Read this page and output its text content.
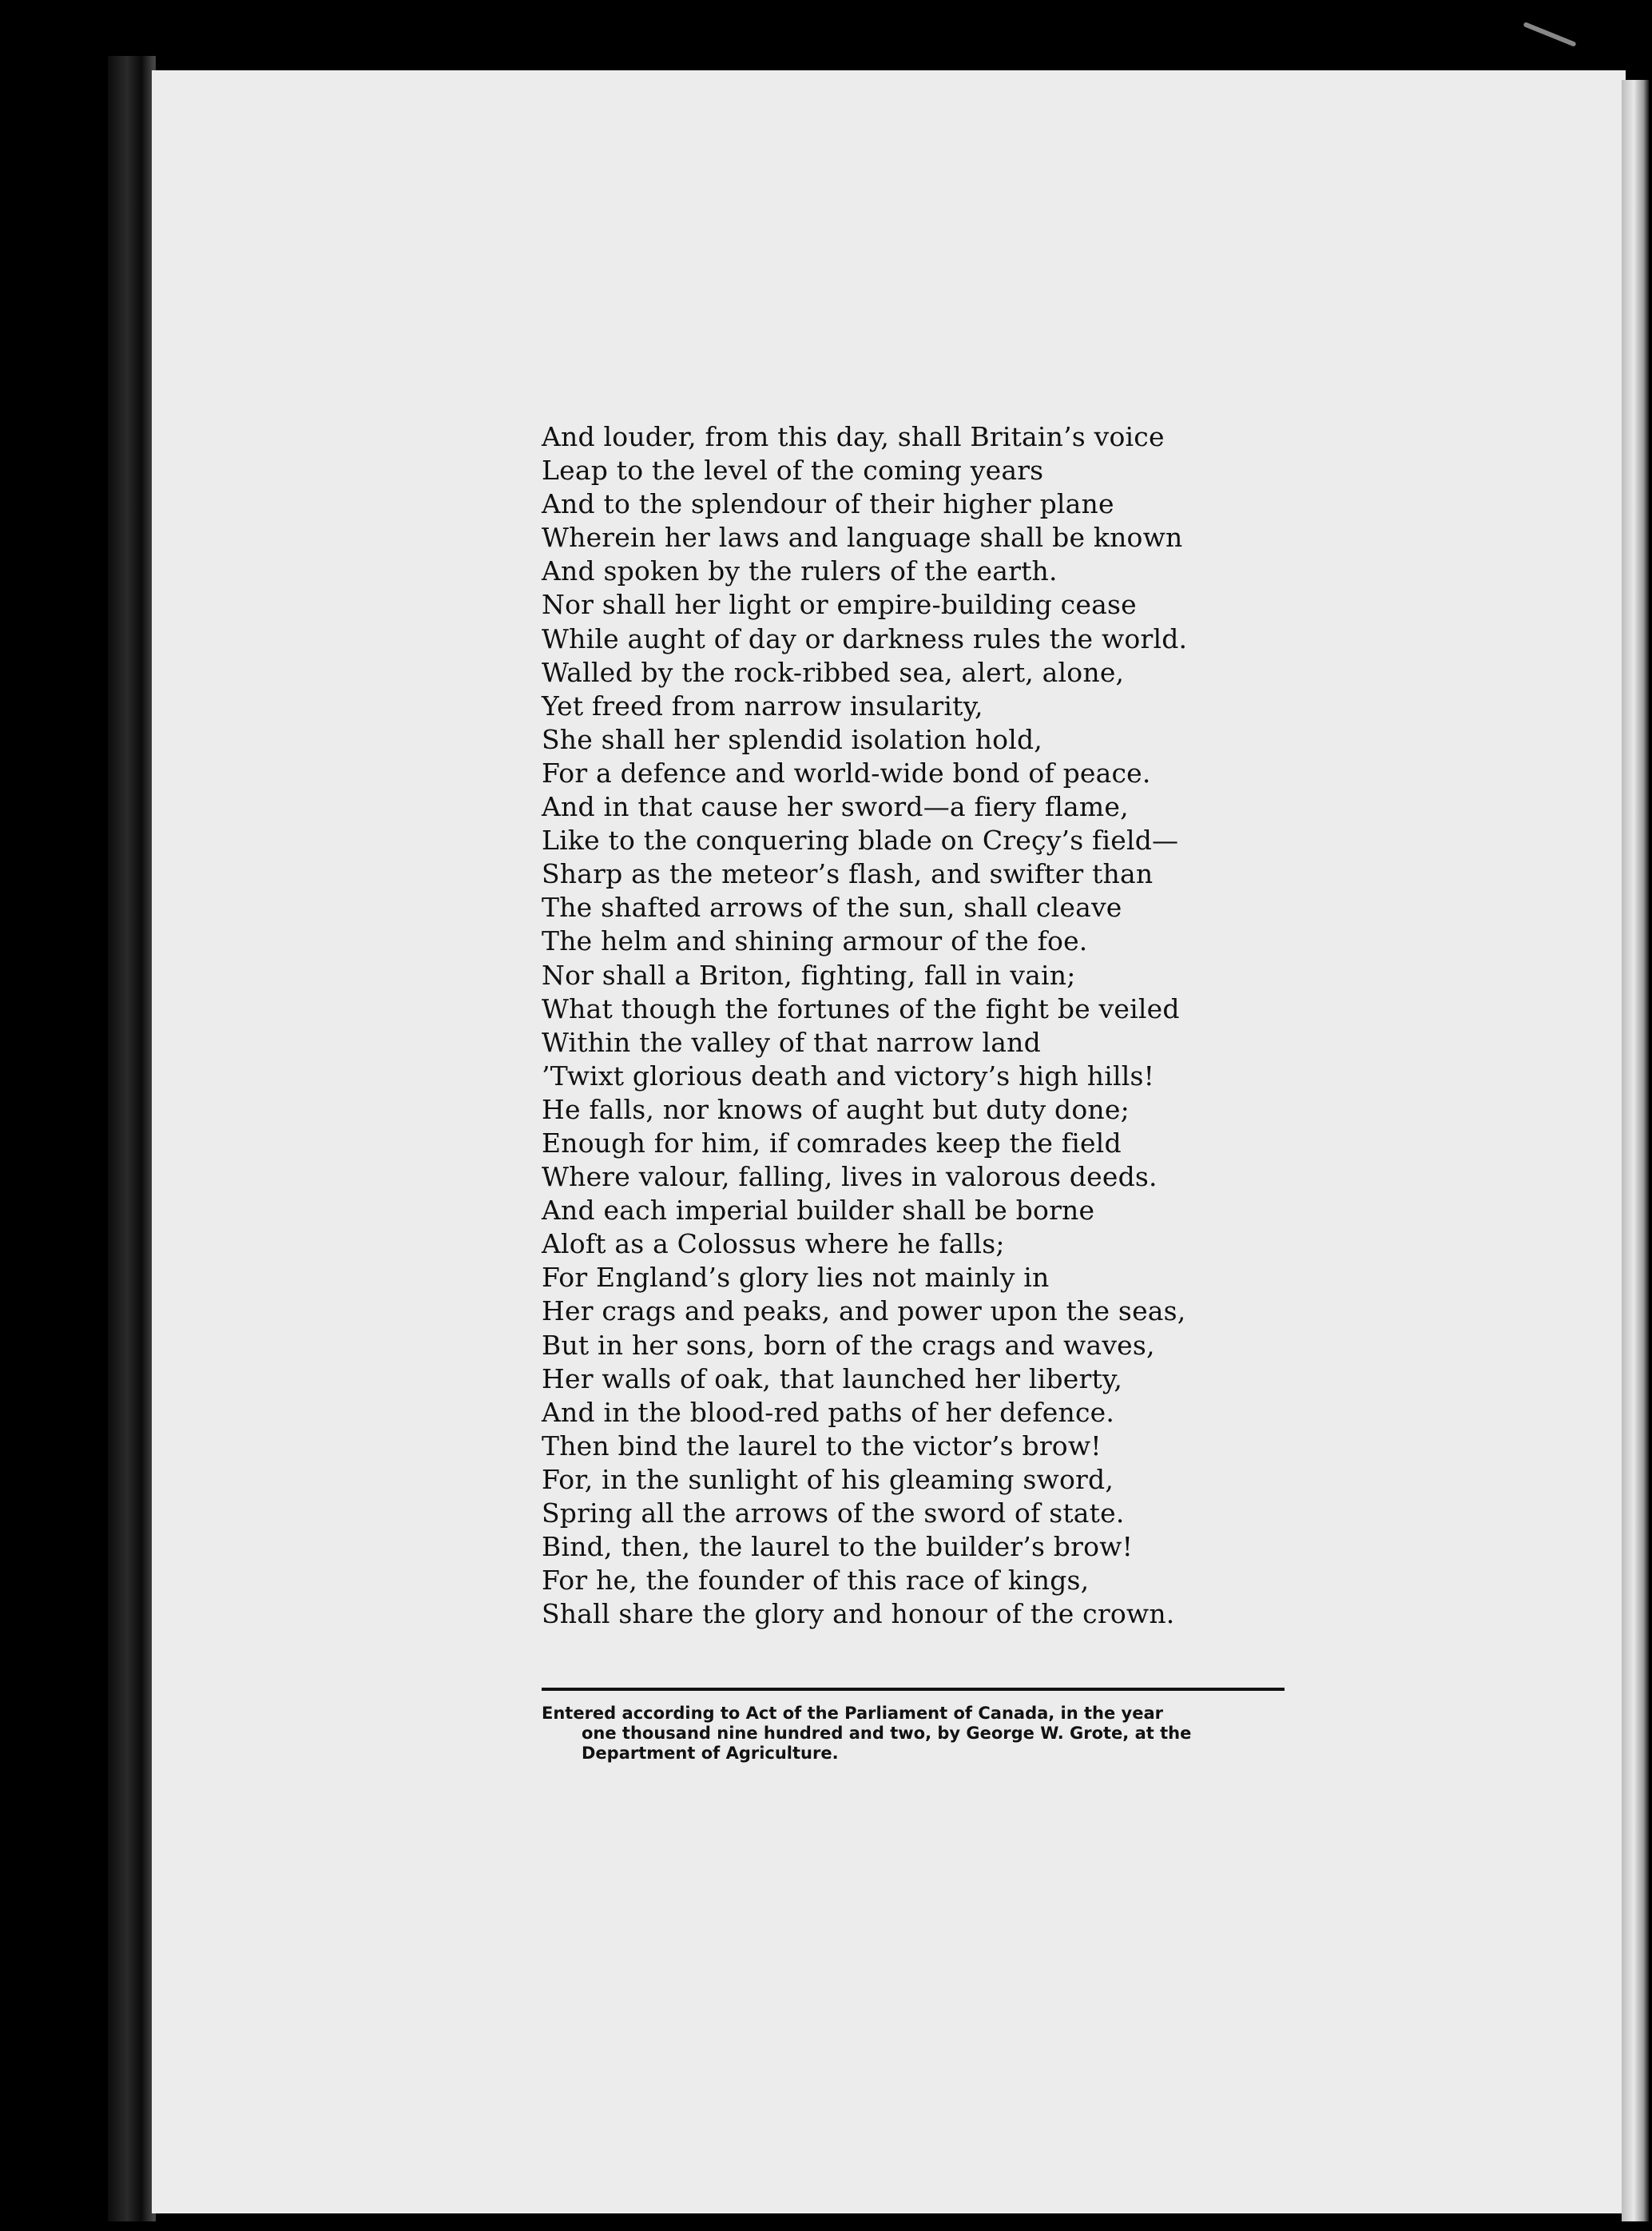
And louder, from this day, shall Britain’s voice
Leap to the level of the coming years
And to the splendour of their higher plane
Wherein her laws and language shall be known
And spoken by the rulers of the earth.
Nor shall her light or empire-building cease
While aught of day or darkness rules the world.
Walled by the rock-ribbed sea, alert, alone,
Yet freed from narrow insularity,
She shall her splendid isolation hold,
For a defence and world-wide bond of peace.
And in that cause her sword—a fiery flame,
Like to the conquering blade on Creçy’s field—
Sharp as the meteor’s flash, and swifter than
The shafted arrows of the sun, shall cleave
The helm and shining armour of the foe.
Nor shall a Briton, fighting, fall in vain;
What though the fortunes of the fight be veiled
Within the valley of that narrow land
’Twixt glorious death and victory’s high hills!
He falls, nor knows of aught but duty done;
Enough for him, if comrades keep the field
Where valour, falling, lives in valorous deeds.
And each imperial builder shall be borne
Aloft as a Colossus where he falls;
For England’s glory lies not mainly in
Her crags and peaks, and power upon the seas,
But in her sons, born of the crags and waves,
Her walls of oak, that launched her liberty,
And in the blood-red paths of her defence.
Then bind the laurel to the victor’s brow!
For, in the sunlight of his gleaming sword,
Spring all the arrows of the sword of state.
Bind, then, the laurel to the builder’s brow!
For he, the founder of this race of kings,
Shall share the glory and honour of the crown.
Entered according to Act of the Parliament of Canada, in the year
one thousand nine hundred and two, by George W. Grote, at the
Department of Agriculture.
